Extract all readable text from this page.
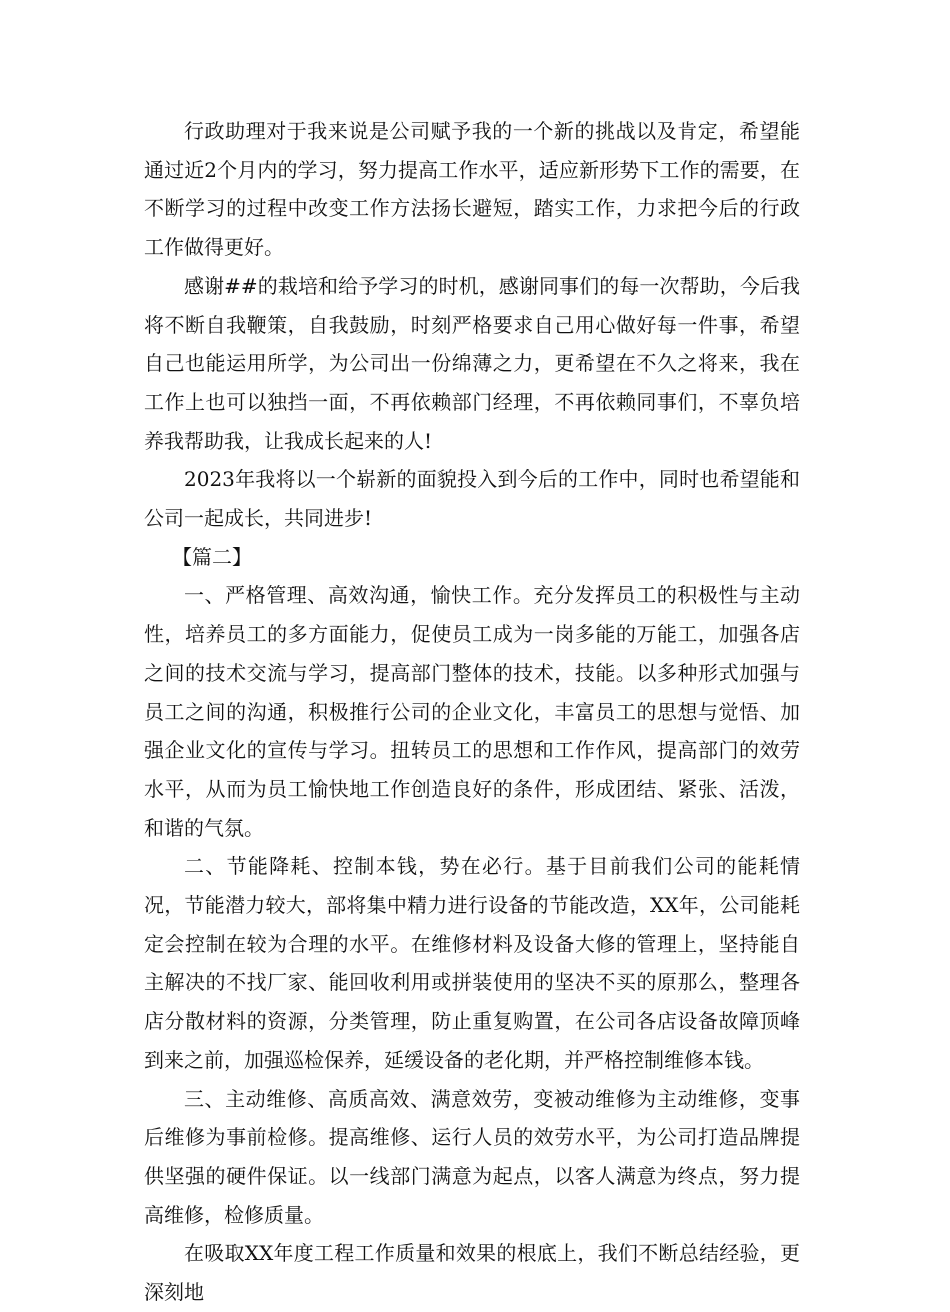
行政助理对于我来说是公司赋予我的一个新的挑战以及肯定，希望能通过近2个月内的学习，努力提高工作水平，适应新形势下工作的需要，在不断学习的过程中改变工作方法扬长避短，踏实工作，力求把今后的行政工作做得更好。

感谢##的栽培和给予学习的时机，感谢同事们的每一次帮助，今后我将不断自我鞭策，自我鼓励，时刻严格要求自己用心做好每一件事，希望自己也能运用所学，为公司出一份绵薄之力，更希望在不久之将来，我在工作上也可以独挡一面，不再依赖部门经理，不再依赖同事们，不辜负培养我帮助我，让我成长起来的人!

2023年我将以一个崭新的面貌投入到今后的工作中，同时也希望能和公司一起成长，共同进步!

【篇二】

一、严格管理、高效沟通，愉快工作。充分发挥员工的积极性与主动性，培养员工的多方面能力，促使员工成为一岗多能的万能工，加强各店之间的技术交流与学习，提高部门整体的技术，技能。以多种形式加强与员工之间的沟通，积极推行公司的企业文化，丰富员工的思想与觉悟、加强企业文化的宣传与学习。扭转员工的思想和工作作风，提高部门的效劳水平，从而为员工愉快地工作创造良好的条件，形成团结、紧张、活泼，和谐的气氛。

二、节能降耗、控制本钱，势在必行。基于目前我们公司的能耗情况，节能潜力较大，部将集中精力进行设备的节能改造，XX年，公司能耗定会控制在较为合理的水平。在维修材料及设备大修的管理上，坚持能自主解决的不找厂家、能回收利用或拼装使用的坚决不买的原那么，整理各店分散材料的资源，分类管理，防止重复购置，在公司各店设备故障顶峰到来之前，加强巡检保养，延缓设备的老化期，并严格控制维修本钱。

三、主动维修、高质高效、满意效劳，变被动维修为主动维修，变事后维修为事前检修。提高维修、运行人员的效劳水平，为公司打造品牌提供坚强的硬件保证。以一线部门满意为起点，以客人满意为终点，努力提高维修，检修质量。

在吸取XX年度工程工作质量和效果的根底上，我们不断总结经验，更深刻地
